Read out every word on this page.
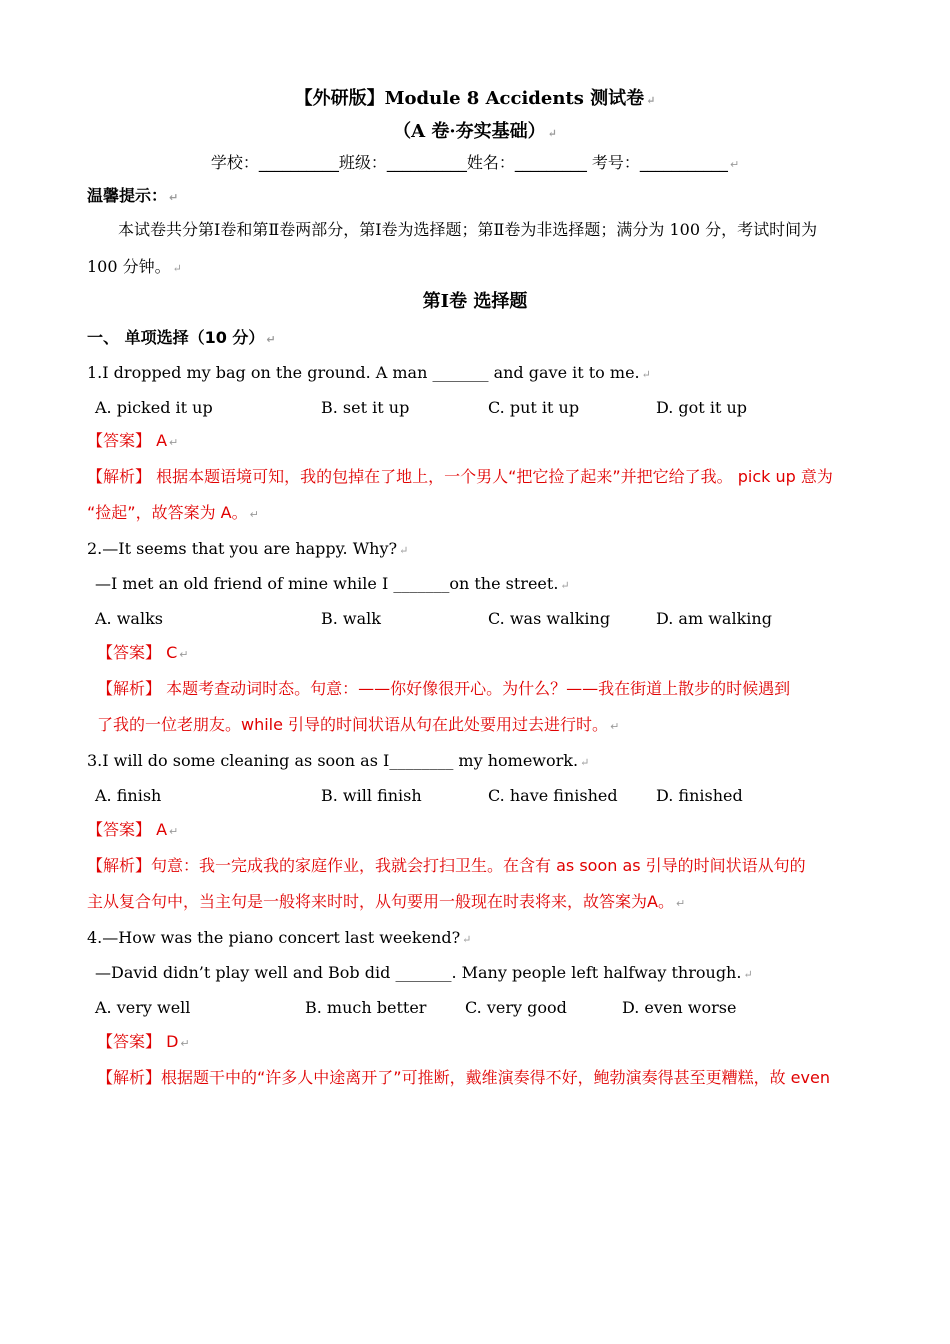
【外研版】Module 8 Accidents 测试卷 ↵
（A 卷·夯实基础） ↵
学校：__________班级：__________姓名：_________ 考号：___________ ↵
温馨提示： ↵
本试卷共分第Ⅰ卷和第Ⅱ卷两部分，第Ⅰ卷为选择题；第Ⅱ卷为非选择题；满分为 100 分，考试时间为
100 分钟。 ↵
第Ⅰ卷 选择题
一、 单项选择（10 分） ↵
1.I dropped my bag on the ground. A man _______ and gave it to me. ↵
A. picked it up	B. set it up	C. put it up	D. got it up
【答案】 A ↵
【解析】 根据本题语境可知，我的包掉在了地上，一个男人“把它捡了起来”并把它给了我。 pick up 意为
“捡起”，故答案为 A。 ↵
2.—It seems that you are happy. Why? ↵
—I met an old friend of mine while I _______on the street. ↵
A. walks	B. walk	C. was walking	D. am walking
【答案】 C ↵
【解析】 本题考查动词时态。句意：——你好像很开心。为什么？——我在街道上散步的时候遇到
了我的一位老朋友。while 引导的时间状语从句在此处要用过去进行时。 ↵
3.I will do some cleaning as soon as I________ my homework. ↵
A. finish	B. will finish	C. have finished D. finished
【答案】 A ↵
【解析】句意：我一完成我的家庭作业，我就会打扫卫生。在含有 as soon as 引导的时间状语从句的
主从复合句中，当主句是一般将来时时，从句要用一般现在时表将来，故答案为A。 ↵
4.—How was the piano concert last weekend? ↵
—David didn’t play well and Bob did _______. Many people left halfway through. ↵
A. very well	B. much better C. very good	D. even worse
【答案】 D ↵
【解析】根据题干中的“许多人中途离开了”可推断，戴维演奏得不好，鲍勃演奏得甚至更糟糕，故 even
